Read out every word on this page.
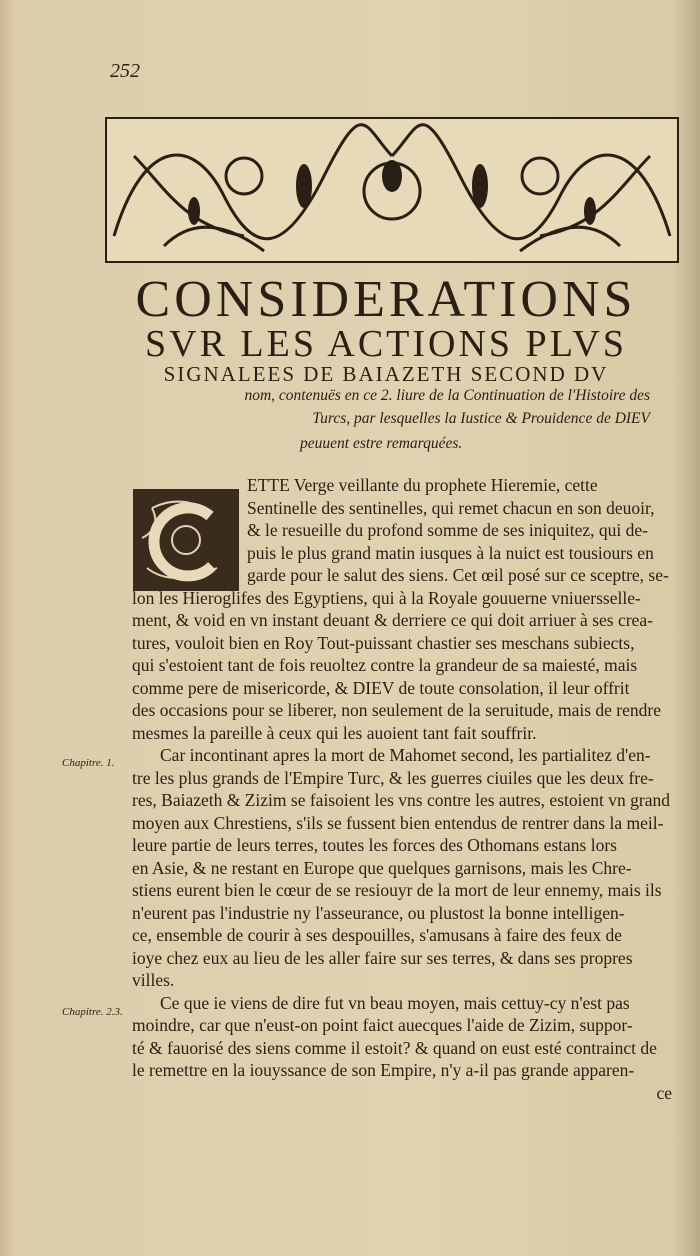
252
CONSIDERATIONS
SVR LES ACTIONS PLVS
SIGNALEES DE BAIAZETH SECOND DV
nom, contenuës en ce 2. liure de la Continuation de l'Histoire des
Turcs, par lesquelles la Iustice & Prouidence de DIEV
peuuent estre remarquées.
ETTE Verge veillante du prophete Hieremie, cette
Sentinelle des sentinelles, qui remet chacun en son deuoir,
& le resueille du profond somme de ses iniquitez, qui de-
puis le plus grand matin iusques à la nuict est tousiours en
garde pour le salut des siens. Cet œil posé sur ce sceptre, se-
lon les Hieroglifes des Egyptiens, qui à la Royale gouuerne vniuersselle-
ment, & void en vn instant deuant & derriere ce qui doit arriuer à ses crea-
tures, vouloit bien en Roy Tout-puissant chastier ses meschans subiects,
qui s'estoient tant de fois reuoltez contre la grandeur de sa maiesté, mais
comme pere de misericorde, & DIEV de toute consolation, il leur offrit
des occasions pour se liberer, non seulement de la seruitude, mais de rendre
mesmes la pareille à ceux qui les auoient tant fait souffrir.
Car incontinant apres la mort de Mahomet second, les partialitez d'en-
tre les plus grands de l'Empire Turc, & les guerres ciuiles que les deux fre-
res, Baiazeth & Zizim se faisoient les vns contre les autres, estoient vn grand
moyen aux Chrestiens, s'ils se fussent bien entendus de rentrer dans la meil-
leure partie de leurs terres, toutes les forces des Othomans estans lors
en Asie, & ne restant en Europe que quelques garnisons, mais les Chre-
stiens eurent bien le cœur de se resiouyr de la mort de leur ennemy, mais ils
n'eurent pas l'industrie ny l'asseurance, ou plustost la bonne intelligen-
ce, ensemble de courir à ses despouilles, s'amusans à faire des feux de
ioye chez eux au lieu de les aller faire sur ses terres, & dans ses propres
villes.
Ce que ie viens de dire fut vn beau moyen, mais cettuy-cy n'est pas
moindre, car que n'eust-on point faict auecques l'aide de Zizim, suppor-
té & fauorisé des siens comme il estoit? & quand on eust esté contrainct de
le remettre en la iouyssance de son Empire, n'y a-il pas grande apparen-
ce
Chapitre. 1.
Chapitre. 2.3.
